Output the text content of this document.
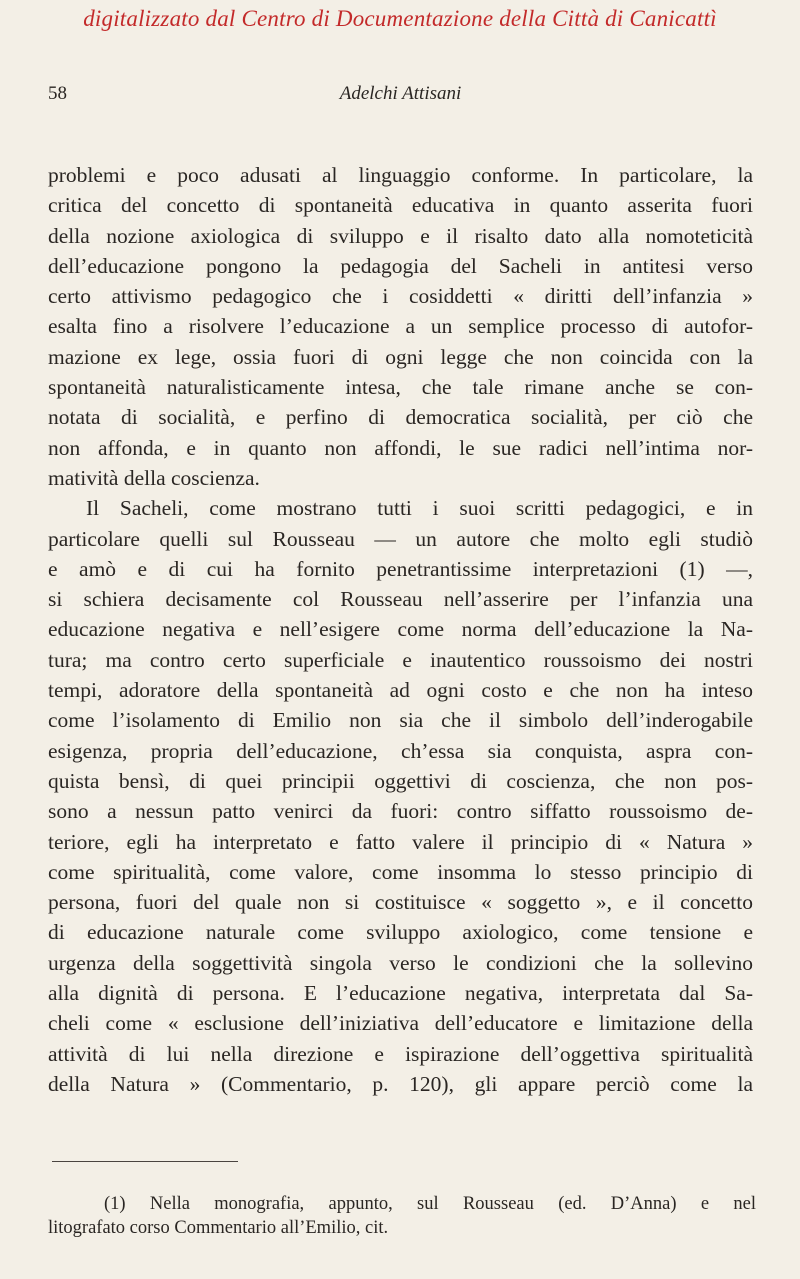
digitalizzato dal Centro di Documentazione della Città di Canicattì
58	Adelchi Attisani
problemi e poco adusati al linguaggio conforme. In particolare, la
critica del concetto di spontaneità educativa in quanto asserita fuori
della nozione axiologica di sviluppo e il risalto dato alla nomoteticità
dell’educazione pongono la pedagogia del Sacheli in antitesi verso
certo attivismo pedagogico che i cosiddetti « diritti dell’infanzia »
esalta fino a risolvere l’educazione a un semplice processo di autofor-
mazione ex lege, ossia fuori di ogni legge che non coincida con la
spontaneità naturalisticamente intesa, che tale rimane anche se con-
notata di socialità, e perfino di democratica socialità, per ciò che
non affonda, e in quanto non affondi, le sue radici nell’intima nor-
matività della coscienza.
Il Sacheli, come mostrano tutti i suoi scritti pedagogici, e in
particolare quelli sul Rousseau — un autore che molto egli studiò
e amò e di cui ha fornito penetrantissime interpretazioni (1) —,
si schiera decisamente col Rousseau nell’asserire per l’infanzia una
educazione negativa e nell’esigere come norma dell’educazione la Na-
tura; ma contro certo superficiale e inautentico roussoismo dei nostri
tempi, adoratore della spontaneità ad ogni costo e che non ha inteso
come l’isolamento di Emilio non sia che il simbolo dell’inderogabile
esigenza, propria dell’educazione, ch’essa sia conquista, aspra con-
quista bensì, di quei principii oggettivi di coscienza, che non pos-
sono a nessun patto venirci da fuori: contro siffatto roussoismo de-
teriore, egli ha interpretato e fatto valere il principio di « Natura »
come spiritualità, come valore, come insomma lo stesso principio di
persona, fuori del quale non si costituisce « soggetto », e il concetto
di educazione naturale come sviluppo axiologico, come tensione e
urgenza della soggettività singola verso le condizioni che la sollevino
alla dignità di persona. E l’educazione negativa, interpretata dal Sa-
cheli come « esclusione dell’iniziativa dell’educatore e limitazione della
attività di lui nella direzione e ispirazione dell’oggettiva spiritualità
della Natura » (Commentario, p. 120), gli appare perciò come la
(1) Nella monografia, appunto, sul Rousseau (ed. D’Anna) e nel
litografato corso Commentario all’Emilio, cit.
